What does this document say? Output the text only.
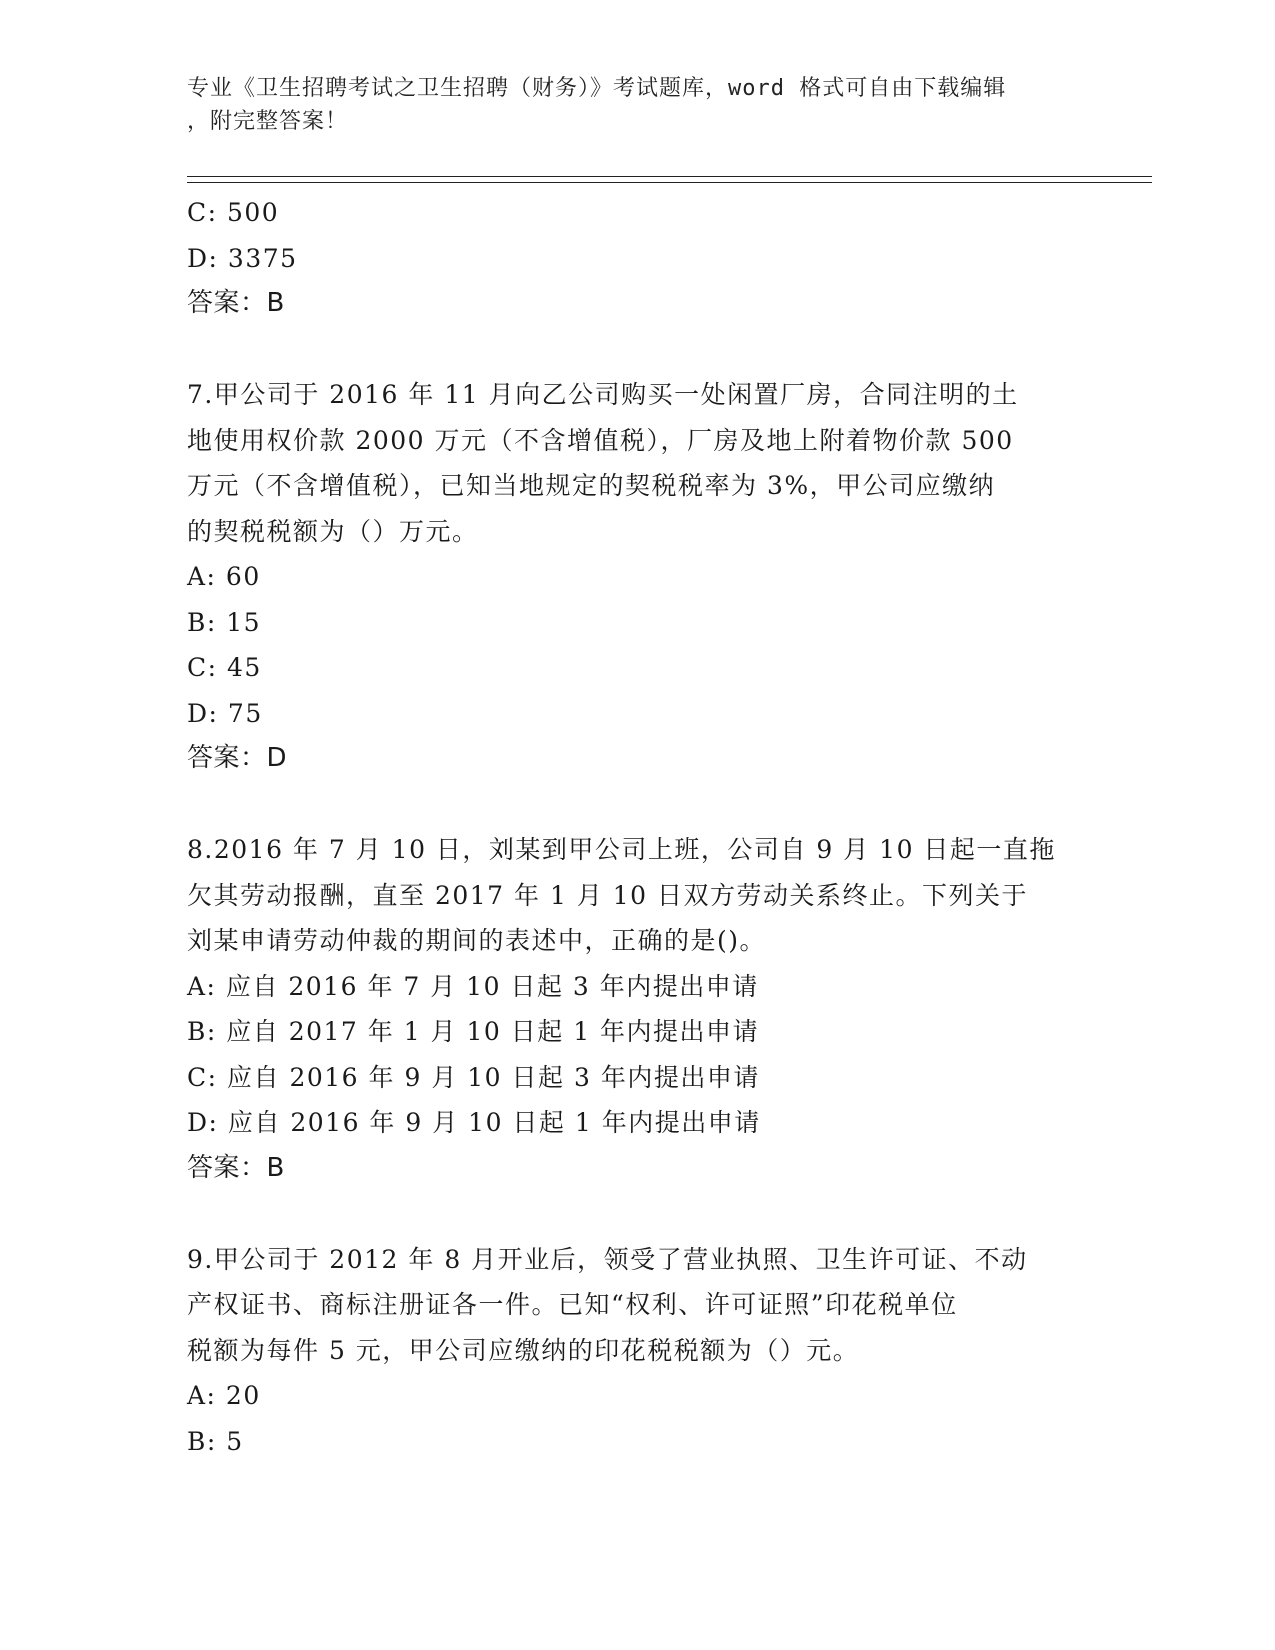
专业《卫生招聘考试之卫生招聘（财务）》考试题库，word 格式可自由下载编辑
，附完整答案！
C: 500
D: 3375
答案：B
7.甲公司于 2016 年 11 月向乙公司购买一处闲置厂房，合同注明的土
地使用权价款 2000 万元（不含增值税），厂房及地上附着物价款 500
万元（不含增值税），已知当地规定的契税税率为 3%，甲公司应缴纳
的契税税额为（）万元。
A: 60
B: 15
C: 45
D: 75
答案：D
8.2016 年 7 月 10 日，刘某到甲公司上班，公司自 9 月 10 日起一直拖
欠其劳动报酬，直至 2017 年 1 月 10 日双方劳动关系终止。下列关于
刘某申请劳动仲裁的期间的表述中，正确的是()。
A: 应自 2016 年 7 月 10 日起 3 年内提出申请
B: 应自 2017 年 1 月 10 日起 1 年内提出申请
C: 应自 2016 年 9 月 10 日起 3 年内提出申请
D: 应自 2016 年 9 月 10 日起 1 年内提出申请
答案：B
9.甲公司于 2012 年 8 月开业后，领受了营业执照、卫生许可证、不动
产权证书、商标注册证各一件。已知“权利、许可证照”印花税单位
税额为每件 5 元，甲公司应缴纳的印花税税额为（）元。
A: 20
B: 5
